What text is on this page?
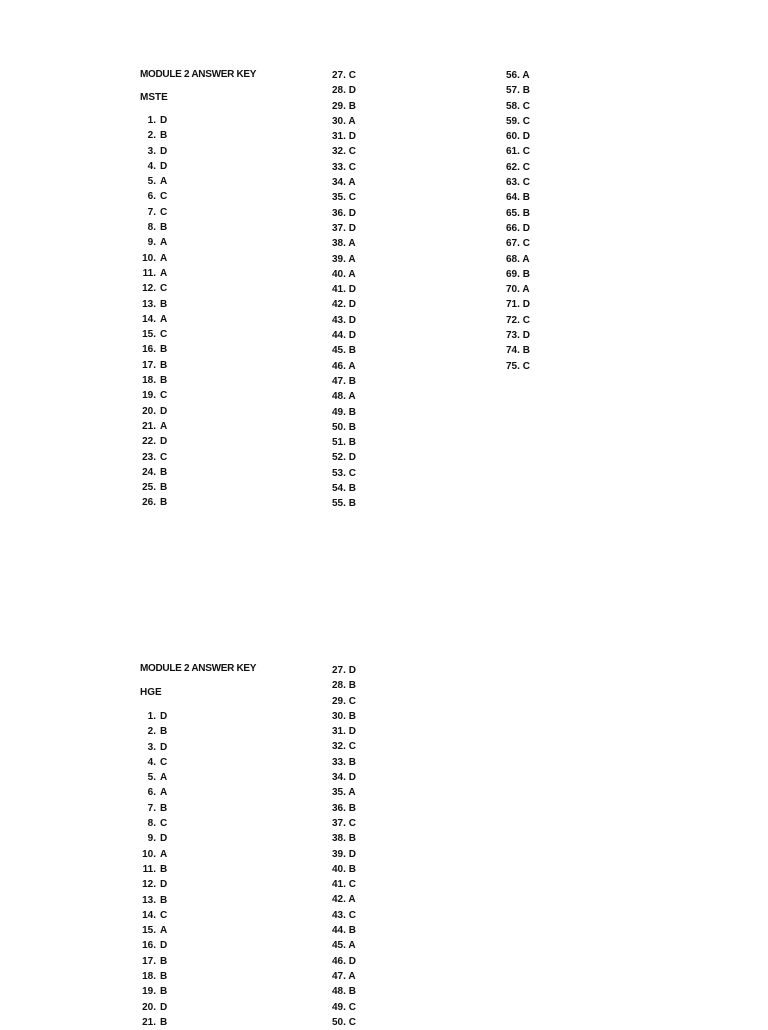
MODULE 2 ANSWER KEY
MSTE
1. D
2. B
3. D
4. D
5. A
6. C
7. C
8. B
9. A
10. A
11. A
12. C
13. B
14. A
15. C
16. B
17. B
18. B
19. C
20. D
21. A
22. D
23. C
24. B
25. B
26. B
27. C
28. D
29. B
30. A
31. D
32. C
33. C
34. A
35. C
36. D
37. D
38. A
39. A
40. A
41. D
42. D
43. D
44. D
45. B
46. A
47. B
48. A
49. B
50. B
51. B
52. D
53. C
54. B
55. B
56. A
57. B
58. C
59. C
60. D
61. C
62. C
63. C
64. B
65. B
66. D
67. C
68. A
69. B
70. A
71. D
72. C
73. D
74. B
75. C
MODULE 2 ANSWER KEY
HGE
1. D
2. B
3. D
4. C
5. A
6. A
7. B
8. C
9. D
10. A
11. B
12. D
13. B
14. C
15. A
16. D
17. B
18. B
19. B
20. D
21. B
27. D
28. B
29. C
30. B
31. D
32. C
33. B
34. D
35. A
36. B
37. C
38. B
39. D
40. B
41. C
42. A
43. C
44. B
45. A
46. D
47. A
48. B
49. C
50. C
